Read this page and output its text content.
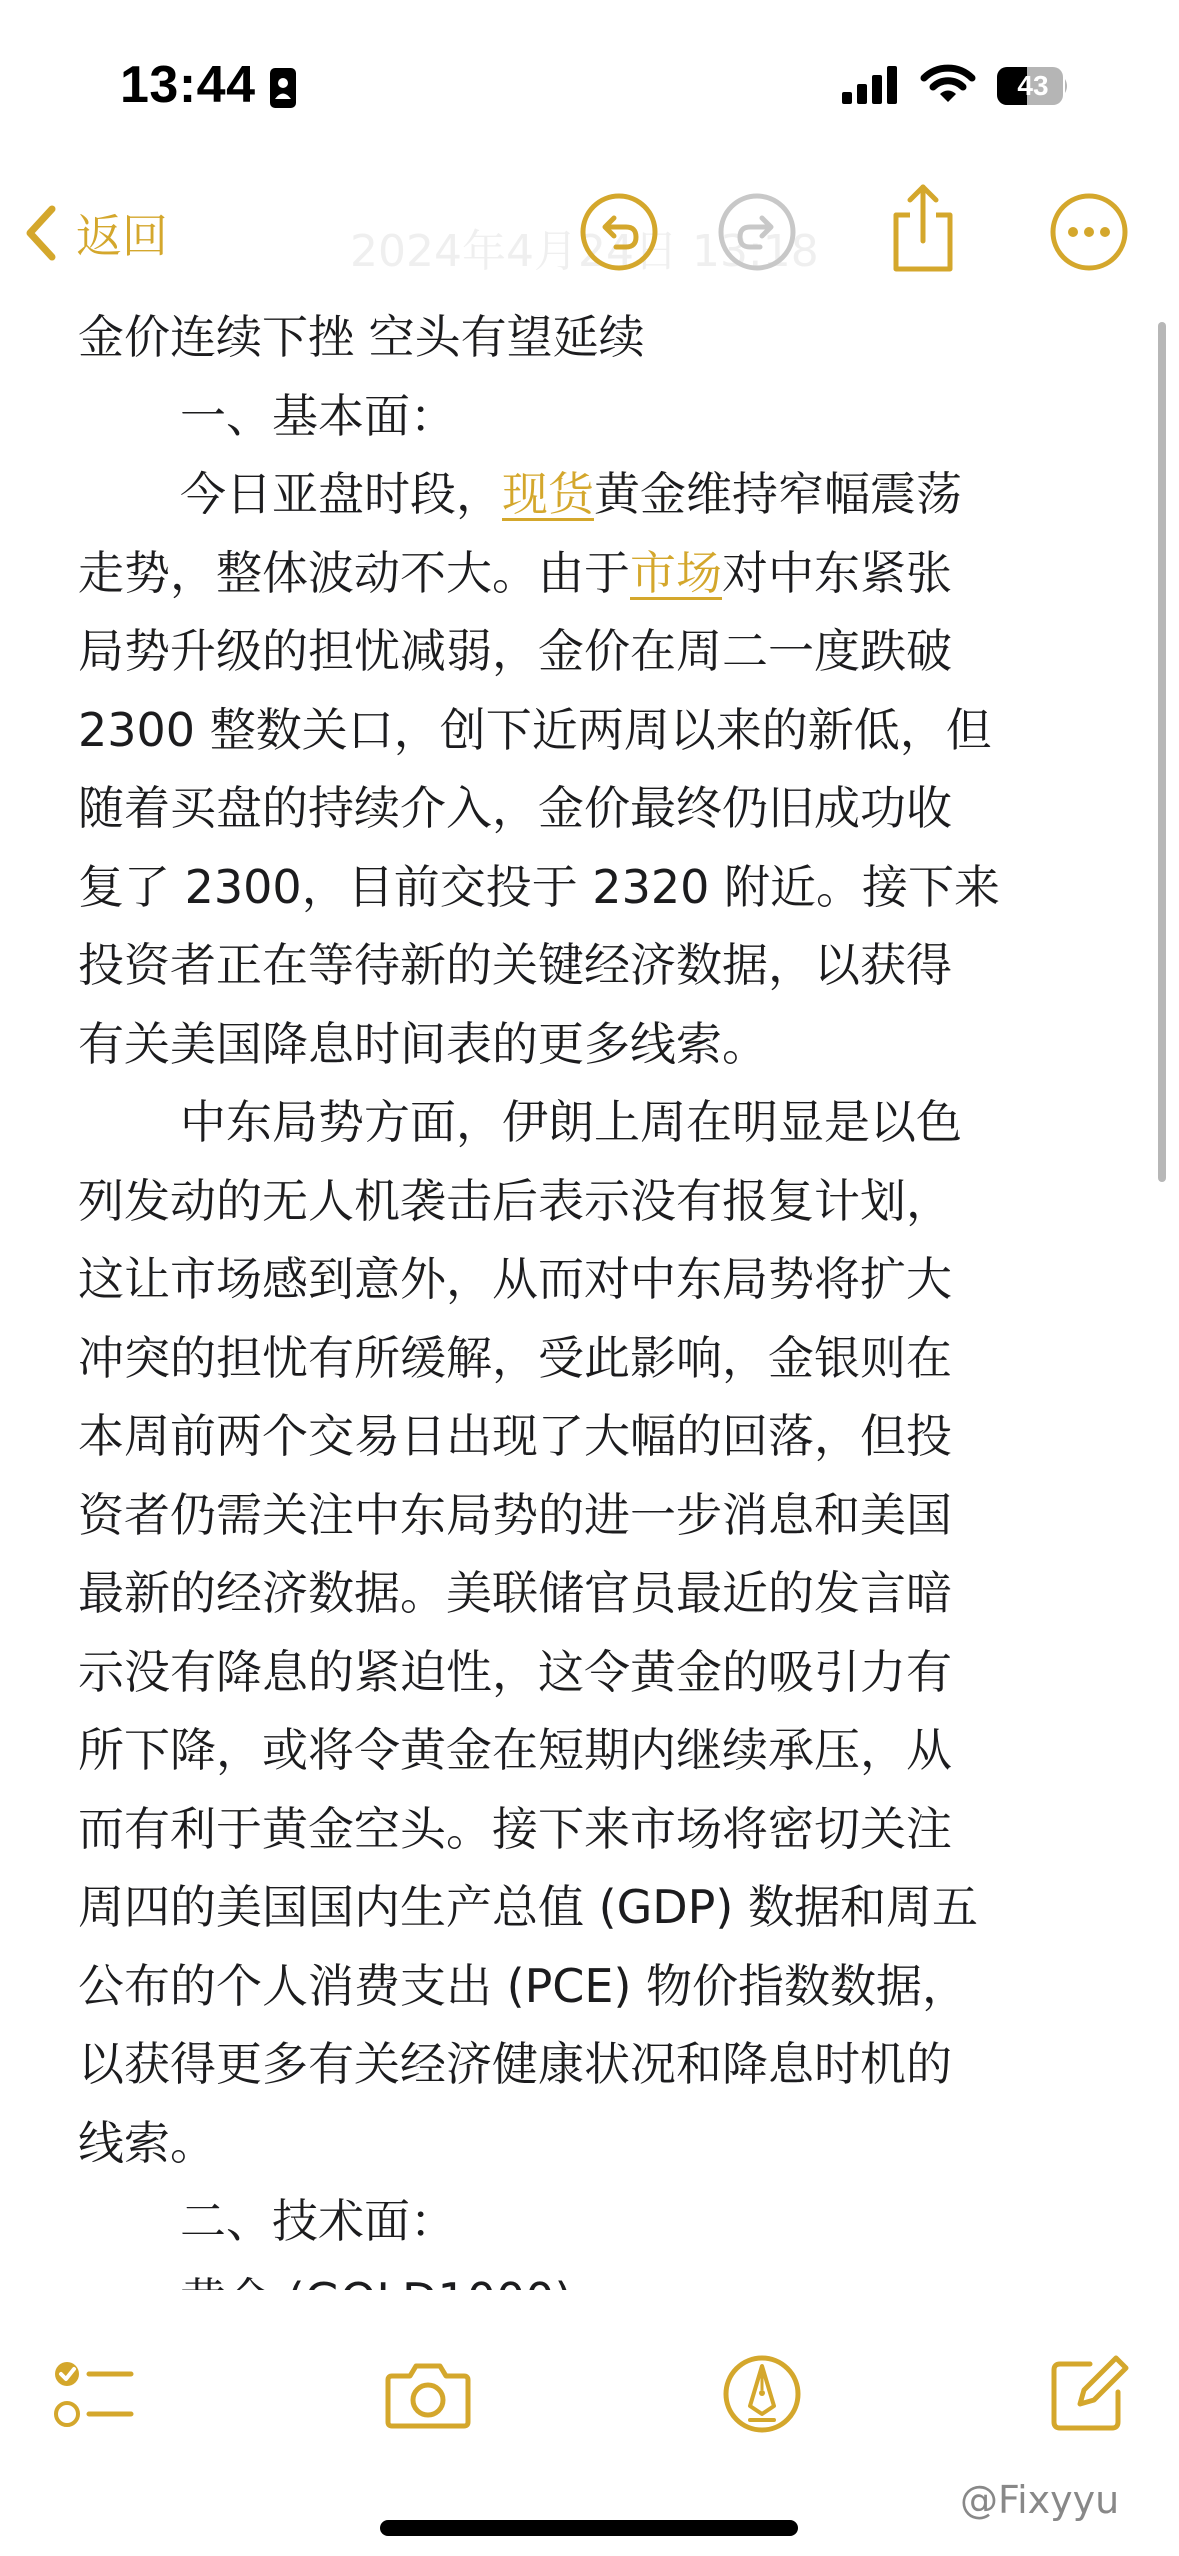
13:44	43
2024年4月24日 13:18
返回

金价连续下挫 空头有望延续

一、基本面：

今日亚盘时段，现货黄金维持窄幅震荡

走势，整体波动不大。由于市场对中东紧张

局势升级的担忧减弱，金价在周二一度跌破

2300 整数关口，创下近两周以来的新低，但

随着买盘的持续介入，金价最终仍旧成功收

复了 2300，目前交投于 2320 附近。接下来

投资者正在等待新的关键经济数据，以获得

有关美国降息时间表的更多线索。

中东局势方面，伊朗上周在明显是以色

列发动的无人机袭击后表示没有报复计划，

这让市场感到意外，从而对中东局势将扩大

冲突的担忧有所缓解，受此影响，金银则在

本周前两个交易日出现了大幅的回落，但投

资者仍需关注中东局势的进一步消息和美国

最新的经济数据。美联储官员最近的发言暗

示没有降息的紧迫性，这令黄金的吸引力有

所下降，或将令黄金在短期内继续承压，从

而有利于黄金空头。接下来市场将密切关注

周四的美国国内生产总值 (GDP) 数据和周五

公布的个人消费支出 (PCE) 物价指数数据，

以获得更多有关经济健康状况和降息时机的

线索。

二、技术面：

@Fixyyu
